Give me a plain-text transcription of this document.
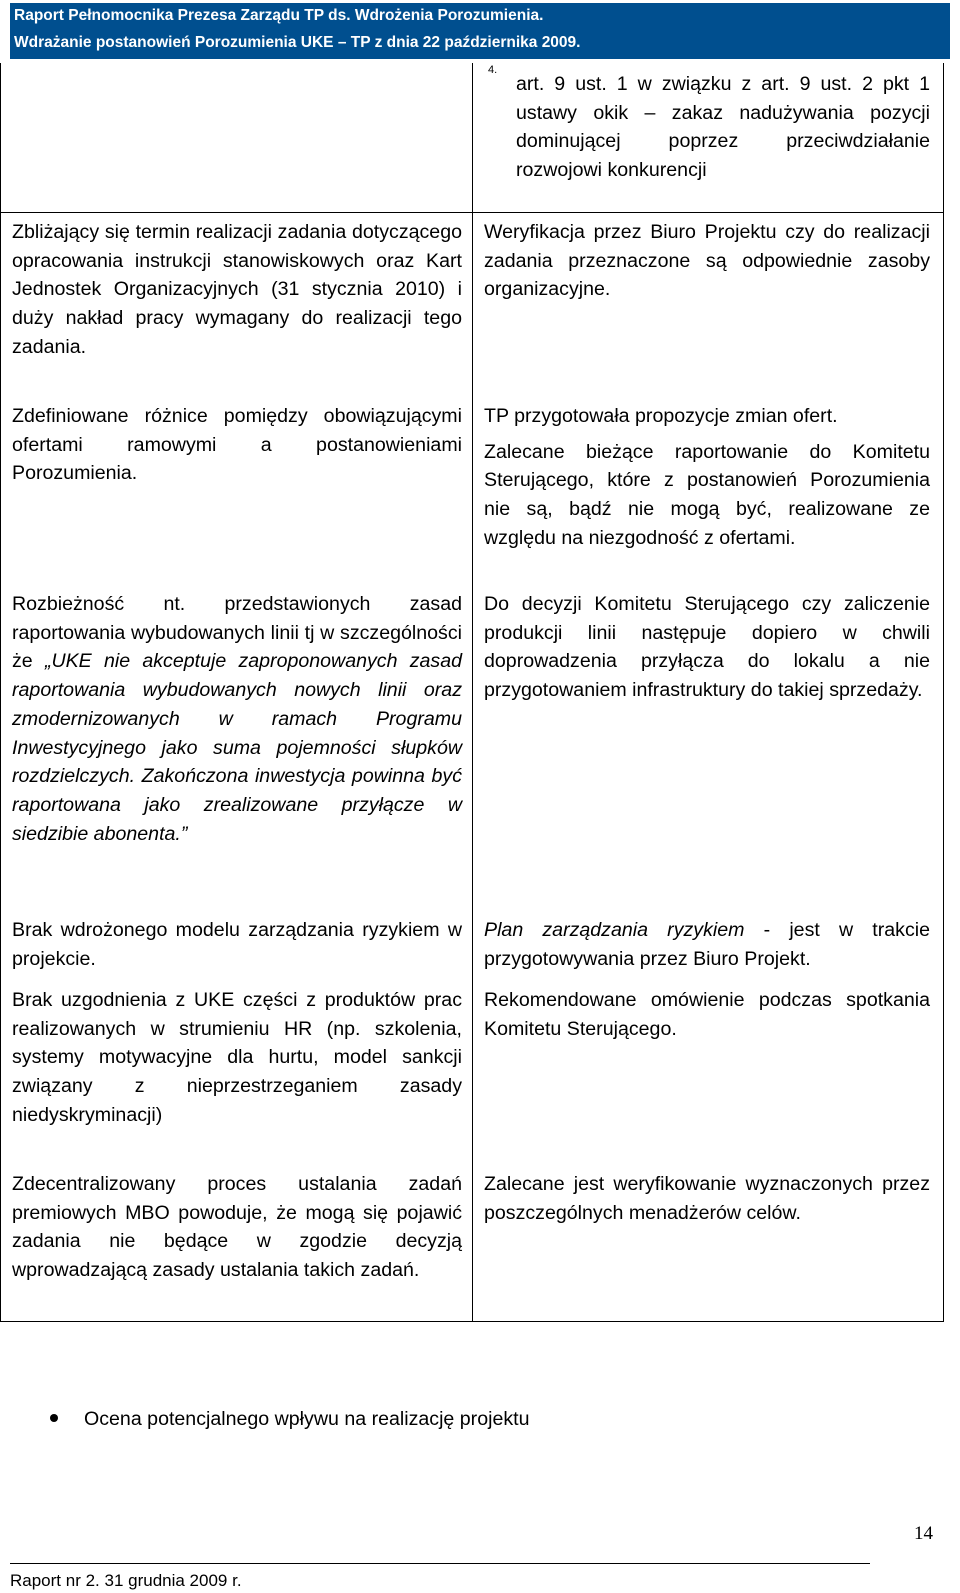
Raport Pełnomocnika Prezesa Zarządu TP ds. Wdrożenia Porozumienia.
Wdrażanie postanowień Porozumienia UKE – TP z dnia 22 października 2009.
4.

art. 9 ust. 1 w związku z art. 9 ust. 2 pkt 1 ustawy okik – zakaz nadużywania pozycji dominującej poprzez przeciwdziałanie rozwojowi konkurencji

Zbliżający się termin realizacji zadania dotyczącego opracowania instrukcji stanowiskowych oraz Kart Jednostek Organizacyjnych (31 stycznia 2010) i duży nakład pracy wymagany do realizacji tego zadania.

Weryfikacja przez Biuro Projektu czy do realizacji zadania przeznaczone są odpowiednie zasoby organizacyjne.

Zdefiniowane różnice pomiędzy obowiązującymi ofertami ramowymi a postanowieniami Porozumienia.

TP przygotowała propozycje zmian ofert.

Zalecane bieżące raportowanie do Komitetu Sterującego, które z postanowień Porozumienia nie są, bądź nie mogą być, realizowane ze względu na niezgodność z ofertami.

Rozbieżność nt. przedstawionych zasad raportowania wybudowanych linii tj w szczególności że „UKE nie akceptuje zaproponowanych zasad raportowania wybudowanych nowych linii oraz zmodernizowanych w ramach Programu Inwestycyjnego jako suma pojemności słupków rozdzielczych. Zakończona inwestycja powinna być raportowana jako zrealizowane przyłącze w siedzibie abonenta.”

Do decyzji Komitetu Sterującego czy zaliczenie produkcji linii następuje dopiero w chwili doprowadzenia przyłącza do lokalu a nie przygotowaniem infrastruktury do takiej sprzedaży.

Brak wdrożonego modelu zarządzania ryzykiem w projekcie.

Plan zarządzania ryzykiem - jest w trakcie przygotowywania przez Biuro Projekt.

Brak uzgodnienia z UKE części z produktów prac realizowanych w strumieniu HR (np. szkolenia, systemy motywacyjne dla hurtu, model sankcji związany z nieprzestrzeganiem zasady niedyskryminacji)

Rekomendowane omówienie podczas spotkania Komitetu Sterującego.

Zdecentralizowany proces ustalania zadań premiowych MBO powoduje, że mogą się pojawić zadania nie będące w zgodzie decyzją wprowadzającą zasady ustalania takich zadań.

Zalecane jest weryfikowanie wyznaczonych przez poszczególnych menadżerów celów.

Ocena potencjalnego wpływu na realizację projektu
14
Raport nr 2. 31 grudnia 2009 r.
